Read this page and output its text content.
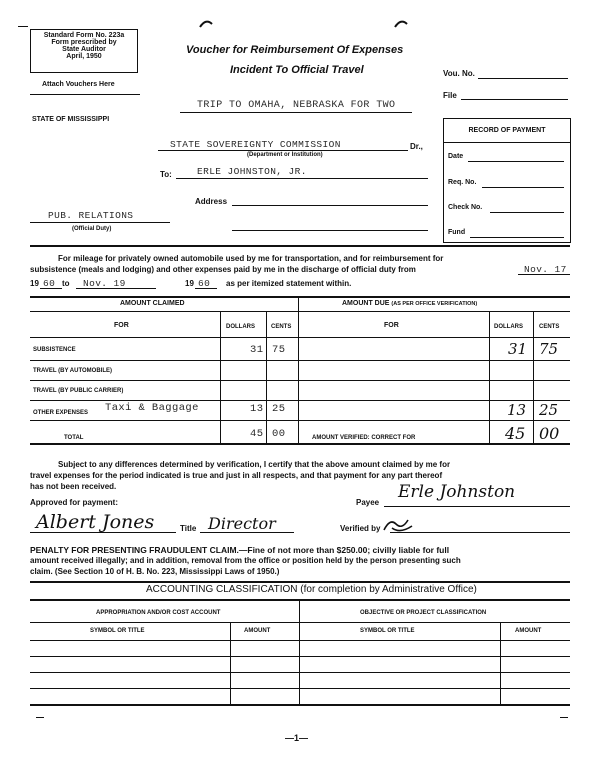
Standard Form No. 223a
Form prescribed by
State Auditor
April, 1950
Attach Vouchers Here
Voucher for Reimbursement Of Expenses
Incident To Official Travel	Vou. No.
File
TRIP TO OMAHA, NEBRASKA FOR TWO
STATE OF MISSISSIPPI
RECORD OF PAYMENT
Date
Req. No.
Check No.
Fund
STATE SOVEREIGNTY COMMISSION	Dr.,
(Department or Institution)
To:	ERLE JOHNSTON, JR.
Address
PUB. RELATIONS
(Official Duty)
For mileage for privately owned automobile used by me for transportation, and for reimbursement for
subsistence (meals and lodging) and other expenses paid by me in the discharge of official duty from	Nov. 17
19 60 to Nov. 19	19 60 as per itemized statement within.
AMOUNT CLAIMED	AMOUNT DUE (AS PER OFFICE VERIFICATION)
FOR	DOLLARS	CENTS	FOR	DOLLARS	CENTS
SUBSISTENCE	31 75	31 75
TRAVEL (BY AUTOMOBILE)
TRAVEL (BY PUBLIC CARRIER)
OTHER EXPENSES Taxi & Baggage	13 25	13 25
TOTAL	45 00	AMOUNT VERIFIED: CORRECT FOR	45 00
Subject to any differences determined by verification, I certify that the above amount claimed by me for
travel expenses for the period indicated is true and just in all respects, and that payment for any part thereof
has not been received.
Approved for payment:	Payee
Erle Johnston
Albert Jones	Title Director	Verified by
PENALTY FOR PRESENTING FRAUDULENT CLAIM.—Fine of not more than $250.00; civilly liable for full
amount received illegally; and in addition, removal from the office or position held by the person presenting such
claim. (See Section 10 of H. B. No. 223, Mississippi Laws of 1950.)
ACCOUNTING CLASSIFICATION (for completion by Administrative Office)
APPROPRIATION AND/OR COST ACCOUNT	OBJECTIVE OR PROJECT CLASSIFICATION
SYMBOL OR TITLE	AMOUNT	SYMBOL OR TITLE	AMOUNT
—1—
